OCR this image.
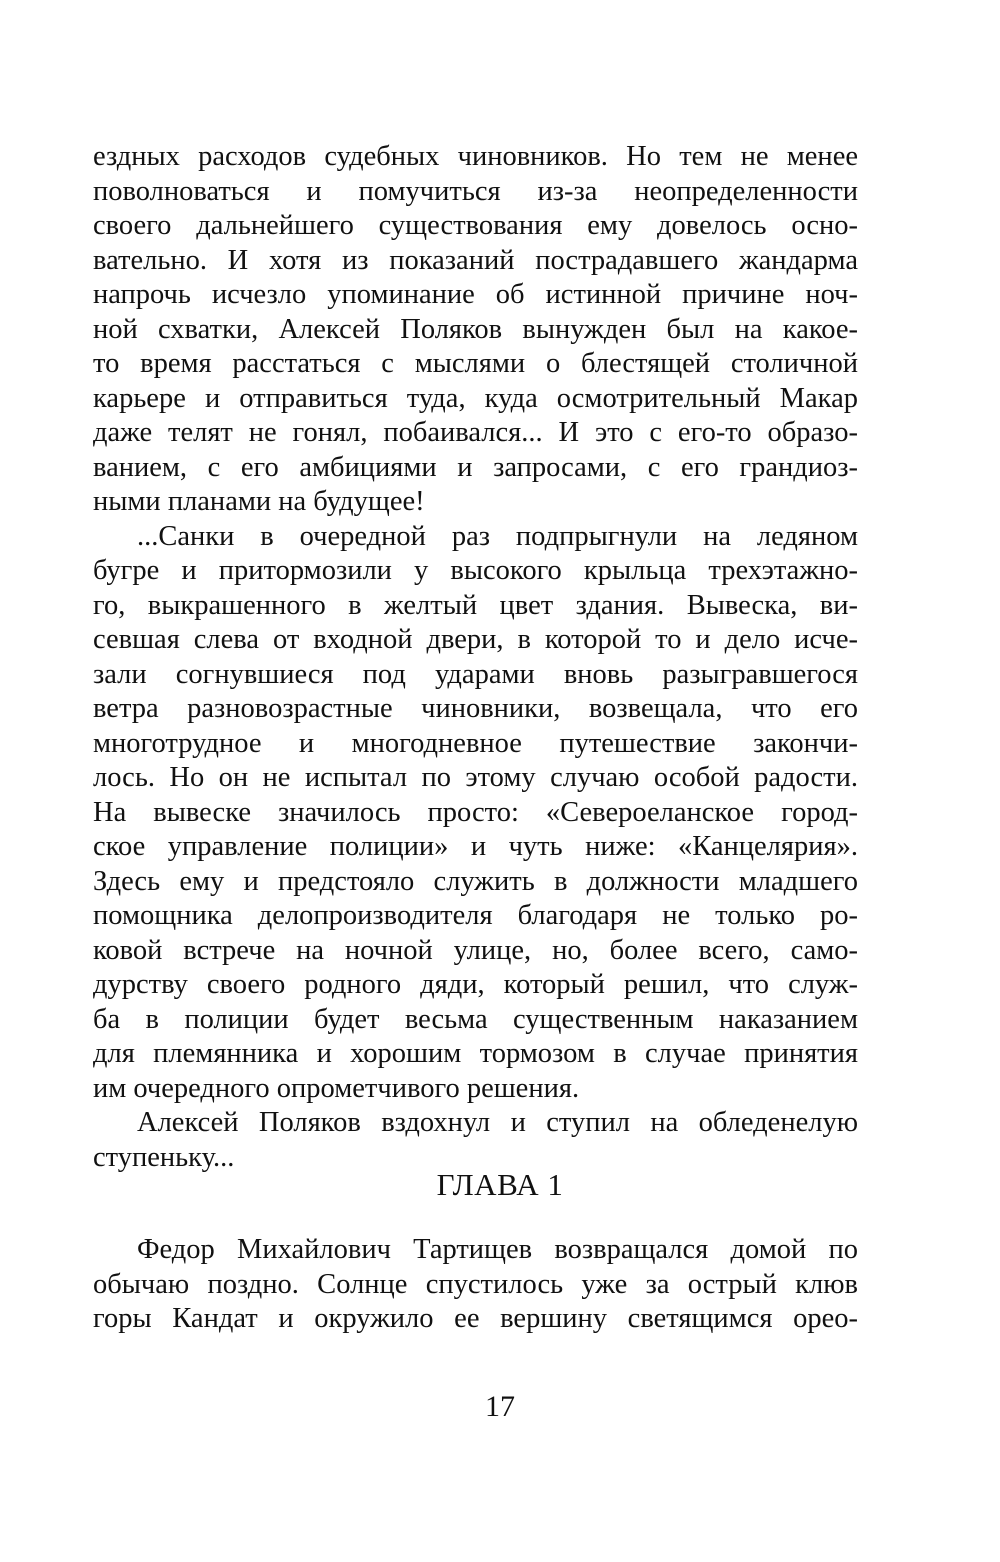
ездных расходов судебных чиновников. Но тем не менее
поволноваться и помучиться из-за неопределенности
своего дальнейшего существования ему довелось осно-
вательно. И хотя из показаний пострадавшего жандарма
напрочь исчезло упоминание об истинной причине ноч-
ной схватки, Алексей Поляков вынужден был на какое-
то время расстаться с мыслями о блестящей столичной
карьере и отправиться туда, куда осмотрительный Макар
даже телят не гонял, побаивался... И это с его-то образо-
ванием, с его амбициями и запросами, с его грандиоз-
ными планами на будущее!
...Санки в очередной раз подпрыгнули на ледяном
бугре и притормозили у высокого крыльца трехэтажно-
го, выкрашенного в желтый цвет здания. Вывеска, ви-
севшая слева от входной двери, в которой то и дело исче-
зали согнувшиеся под ударами вновь разыгравшегося
ветра разновозрастные чиновники, возвещала, что его
многотрудное и многодневное путешествие закончи-
лось. Но он не испытал по этому случаю особой радости.
На вывеске значилось просто: «Североеланское город-
ское управление полиции» и чуть ниже: «Канцелярия».
Здесь ему и предстояло служить в должности младшего
помощника делопроизводителя благодаря не только ро-
ковой встрече на ночной улице, но, более всего, само-
дурству своего родного дяди, который решил, что служ-
ба в полиции будет весьма существенным наказанием
для племянника и хорошим тормозом в случае принятия
им очередного опрометчивого решения.
Алексей Поляков вздохнул и ступил на обледенелую
ступеньку...
ГЛАВА 1
Федор Михайлович Тартищев возвращался домой по
обычаю поздно. Солнце спустилось уже за острый клюв
горы Кандат и окружило ее вершину светящимся орео-
17
